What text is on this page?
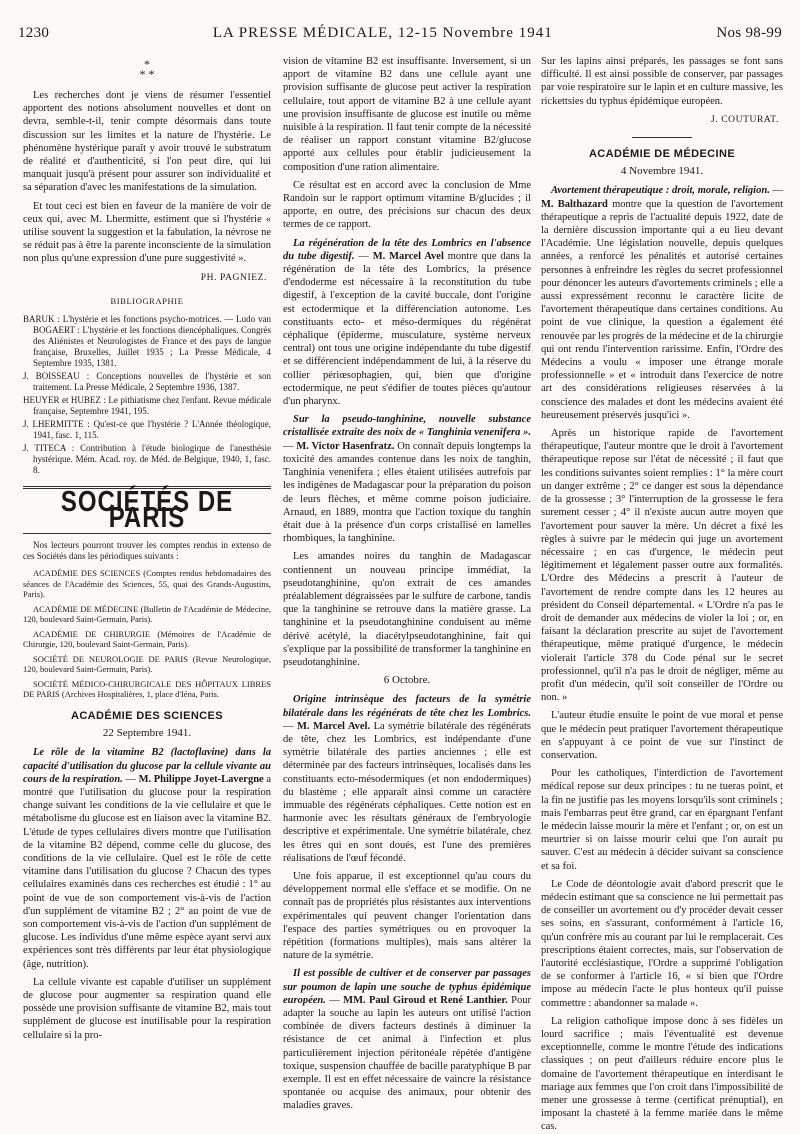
1230	LA PRESSE MÉDICALE, 12-15 Novembre 1941	Nos 98-99
*
* *

Les recherches dont je viens de résumer l'essentiel apportent des notions absolument nouvelles et dont on devra, semble-t-il, tenir compte désormais dans toute discussion sur les limites et la nature de l'hystérie. Le phénomène hystérique paraît y avoir trouvé le substratum de réalité et d'authenticité, si l'on peut dire, qui lui manquait jusqu'à présent pour assurer son individualité et sa séparation d'avec les manifestations de la simulation.

Et tout ceci est bien en faveur de la manière de voir de ceux qui, avec M. Lhermitte, estiment que si l'hystérie « utilise souvent la suggestion et la fabulation, la névrose ne se réduit pas à être la parente inconsciente de la simulation non plus qu'une expression d'une pure suggestivité ».

PH. PAGNIEZ.
BIBLIOGRAPHIE
BARUK : L'hystérie et les fonctions psycho-motrices. — Ludo van BOGAERT : L'hystérie et les fonctions diencéphaliques. Congrès des Aliénistes et Neurologistes de France et des pays de langue française, Bruxelles, Juillet 1935 ; La Presse Médicale, 4 Septembre 1935, 1381.
J. BOISSEAU : Conceptions nouvelles de l'hystérie et son traitement. La Presse Médicale, 2 Septembre 1936, 1387.
HEUYER et HUBEZ : Le pithiatisme chez l'enfant. Revue médicale française, Septembre 1941, 195.
J. LHERMITTE : Qu'est-ce que l'hystérie ? L'Année théologique, 1941, fasc. 1, 115.
J. TITECA : Contribution à l'étude biologique de l'anesthésie hystérique. Mém. Acad. roy. de Méd. de Belgique, 1940, 1, fasc. 8.
SOCIÉTÉS DE PARIS
Nos lecteurs pourront trouver les comptes rendus in extenso de ces Sociétés dans les périodiques suivants :
ACADÉMIE DES SCIENCES (Comptes rendus hebdomadaires des séances de l'Académie des Sciences, 55, quai des Grands-Augustins, Paris).
ACADÉMIE DE MÉDECINE (Bulletin de l'Académie de Médecine, 120, boulevard Saint-Germain, Paris).
ACADÉMIE DE CHIRURGIE (Mémoires de l'Académie de Chirurgie, 120, boulevard Saint-Germain, Paris).
SOCIÉTÉ DE NEUROLOGIE DE PARIS (Revue Neurologique, 120, boulevard Saint-Germain, Paris).
SOCIÉTÉ MÉDICO-CHIRURGICALE DES HÔPITAUX LIBRES DE PARIS (Archives Hospitalières, 1, place d'Iéna, Paris.
ACADÉMIE DES SCIENCES
22 Septembre 1941.

Le rôle de la vitamine B2 (lactoflavine) dans la capacité d'utilisation du glucose par la cellule vivante au cours de la respiration. — M. Philippe Joyet-Lavergne a montré que l'utilisation du glucose pour la respiration change suivant les conditions de la vie cellulaire et que le métabolisme du glucose est en liaison avec la vitamine B2. L'étude de types cellulaires divers montre que l'utilisation de la vitamine B2 dépend, comme celle du glucose, des conditions de la vie cellulaire. Quel est le rôle de cette vitamine dans l'utilisation du glucose ? Chacun des types cellulaires examinés dans ces recherches est étudié : 1° au point de vue de son comportement vis-à-vis de l'action d'un supplément de vitamine B2 ; 2° au point de vue de son comportement vis-à-vis de l'action d'un supplément de glucose. Les individus d'une même espèce ayant servi aux expériences sont très différents par leur état physiologique (âge, nutrition).

La cellule vivante est capable d'utiliser un supplément de glucose pour augmenter sa respiration quand elle possède une provision suffisante de vitamine B2, mais tout supplément de glucose est inutilisable pour la respiration cellulaire si la pro-

vision de vitamine B2 est insuffisante. Inversement, si un apport de vitamine B2 dans une cellule ayant une provision suffisante de glucose peut activer la respiration cellulaire, tout apport de vitamine B2 à une cellule ayant une provision insuffisante de glucose est inutile ou même nuisible à la respiration. Il faut tenir compte de la nécessité de réaliser un rapport constant vitamine B2/glucose apporté aux cellules pour établir judicieusement la composition d'une ration alimentaire.

Ce résultat est en accord avec la conclusion de Mme Randoin sur le rapport optimum vitamine B/glucides ; il apporte, en outre, des précisions sur chacun des deux termes de ce rapport.

La régénération de la tête des Lombrics en l'absence du tube digestif. — M. Marcel Avel montre que dans la régénération de la tête des Lombrics, la présence d'endoderme est nécessaire à la reconstitution du tube digestif, à l'exception de la cavité buccale, dont l'origine est ectodermique et la différenciation autonome. Les constituants ecto- et méso-dermiques du régénérat céphalique (épiderme, musculature, système nerveux central) ont tous une origine indépendante du tube digestif et se différencient indépendamment de lui, à la réserve du collier périœsophagien, qui, bien que d'origine ectodermique, ne peut s'édifier de toutes pièces qu'autour d'un pharynx.

Sur la pseudo-tanghinine, nouvelle substance cristallisée extraite des noix de « Tanghinia venenifera ». — M. Victor Hasenfratz. On connaît depuis longtemps la toxicité des amandes contenue dans les noix de tanghin, Tanghinia venenifera ; elles étaient utilisées autrefois par les indigènes de Madagascar pour la préparation du poison de leurs flèches, et même comme poison judiciaire. Arnaud, en 1889, montra que l'action toxique du tanghin était due à la présence d'un corps cristallisé en lamelles rhombiques, la tanghinine.

Les amandes noires du tanghin de Madagascar contiennent un nouveau principe immédiat, la pseudotanghinine, qu'on extrait de ces amandes préalablement dégraissées par le sulfure de carbone, tandis que la tanghinine se retrouve dans la matière grasse. La tanghinine et la pseudotanghinine conduisent au même dérivé acétylé, la diacétylpseudotanghinine, fait qui s'explique par la possibilité de transformer la tanghinine en pseudotanghinine.

6 Octobre.

Origine intrinsèque des facteurs de la symétrie bilatérale dans les régénérats de tête chez les Lombrics. — M. Marcel Avel. La symétrie bilatérale des régénérats de tête, chez les Lombrics, est indépendante d'une symétrie bilatérale des parties anciennes ; elle est déterminée par des facteurs intrinsèques, localisés dans les constituants ecto-mésodermiques (et non endodermiques) du blastème ; elle apparaît ainsi comme un caractère immuable des régénérats céphaliques. Cette notion est en harmonie avec les résultats généraux de l'embryologie descriptive et expérimentale. Une symétrie bilatérale, chez les êtres qui en sont doués, est l'une des premières réalisations de l'œuf fécondé.

Une fois apparue, il est exceptionnel qu'au cours du développement normal elle s'efface et se modifie. On ne connaît pas de propriétés plus résistantes aux interventions expérimentales qui peuvent changer l'orientation dans l'espace des parties symétriques ou en provoquer la répétition (formations multiples), mais sans altérer la nature de la symétrie.

Il est possible de cultiver et de conserver par passages sur poumon de lapin une souche de typhus épidémique européen. — MM. Paul Giroud et René Lanthier. Pour adapter la souche au lapin les auteurs ont utilisé l'action combinée de divers facteurs destinés à diminuer la résistance de cet animal à l'infection et plus particulièrement injection péritonéale répétée d'antigène toxique, suspension chauffée de bacille paratyphique B par exemple. Il est en effet nécessaire de vaincre la résistance spontanée ou acquise des animaux, pour obtenir des maladies graves.

Sur les lapins ainsi préparés, les passages se font sans difficulté. Il est ainsi possible de conserver, par passages par voie respiratoire sur le lapin et en culture massive, les rickettsies du typhus épidémique européen.

J. COUTURAT.
ACADÉMIE DE MÉDECINE
4 Novembre 1941.

Avortement thérapeutique : droit, morale, religion. — M. Balthazard montre que la question de l'avortement thérapeutique a repris de l'actualité depuis 1922, date de la dernière discussion importante qui a eu lieu devant l'Académie. Une législation nouvelle, depuis quelques années, a renforcé les pénalités et autorisé certaines personnes à enfreindre les règles du secret professionnel pour dénoncer les auteurs d'avortements criminels ; elle a aussi expressément reconnu le caractère licite de l'avortement thérapeutique dans certaines conditions. Au point de vue clinique, la question a également été renouvée par les progrès de la médecine et de la chirurgie qui ont rendu l'intervention rarissime. Enfin, l'Ordre des Médecins a voulu « imposer une étrange morale professionnelle » et « introduit dans l'exercice de notre art des considérations religieuses réservées à la conscience des malades et dont les médecins avaient été heureusement préservés jusqu'ici ».

Après un historique rapide de l'avortement thérapeutique, l'auteur montre que le droit à l'avortement thérapeutique repose sur l'état de nécessité ; il faut que les conditions suivantes soient remplies : 1° la mère court un danger extrême ; 2° ce danger est sous la dépendance de la grossesse ; 3° l'interruption de la grossesse le fera surement cesser ; 4° il n'existe aucun autre moyen que l'avortement pour sauver la mère. Un décret a fixé les règles à suivre par le médecin qui juge un avortement nécessaire ; en cas d'urgence, le médecin peut légitimement et légalement passer outre aux formalités. L'Ordre des Médecins a prescrit à l'auteur de l'avortement de rendre compte dans les 12 heures au président du Conseil départemental. « L'Ordre n'a pas le droit de demander aux médecins de violer la loi ; or, en faisant la déclaration prescrite au sujet de l'avortement thérapeutique, même pratiqué d'urgence, le médecin violerait l'article 378 du Code pénal sur le secret professionnel, qu'il n'a pas le droit de négliger, même au profit d'un médecin, qu'il soit conseiller de l'Ordre ou non. »

L'auteur étudie ensuite le point de vue moral et pense que le médecin peut pratiquer l'avortement thérapeutique en s'appuyant à ce point de vue sur l'instinct de conservation.

Pour les catholiques, l'interdiction de l'avortement médical repose sur deux principes : tu ne tueras point, et la fin ne justifie pas les moyens lorsqu'ils sont criminels ; mais l'embarras peut être grand, car en épargnant l'enfant le médecin laisse mourir la mère et l'enfant ; or, on est un meurtrier si on laisse mourir celui que l'on aurait pu sauver. C'est au médecin à décider suivant sa conscience et sa foi.

Le Code de déontologie avait d'abord prescrit que le médecin estimant que sa conscience ne lui permettait pas de conseiller un avortement ou d'y procéder devait cesser ses soins, en s'assurant, conformément à l'article 16, qu'un confrère mis au courant par lui le remplacerait. Ces prescriptions étaient correctes, mais, sur l'observation de l'autorité ecclésiastique, l'Ordre a supprimé l'obligation de se conformer à l'article 16, « si bien que l'Ordre impose au médecin l'acte le plus honteux qu'il puisse commettre : abandonner sa malade ».

La religion catholique impose donc à ses fidèles un lourd sacrifice ; mais l'éventualité est devenue exceptionnelle, comme le montre l'étude des indications classiques ; on peut d'ailleurs réduire encore plus le domaine de l'avortement thérapeutique en interdisant le mariage aux femmes que l'on croit dans l'impossibilité de mener une grossesse à terme (certificat prénuptial), en imposant la chasteté à la femme mariée dans le même cas.
